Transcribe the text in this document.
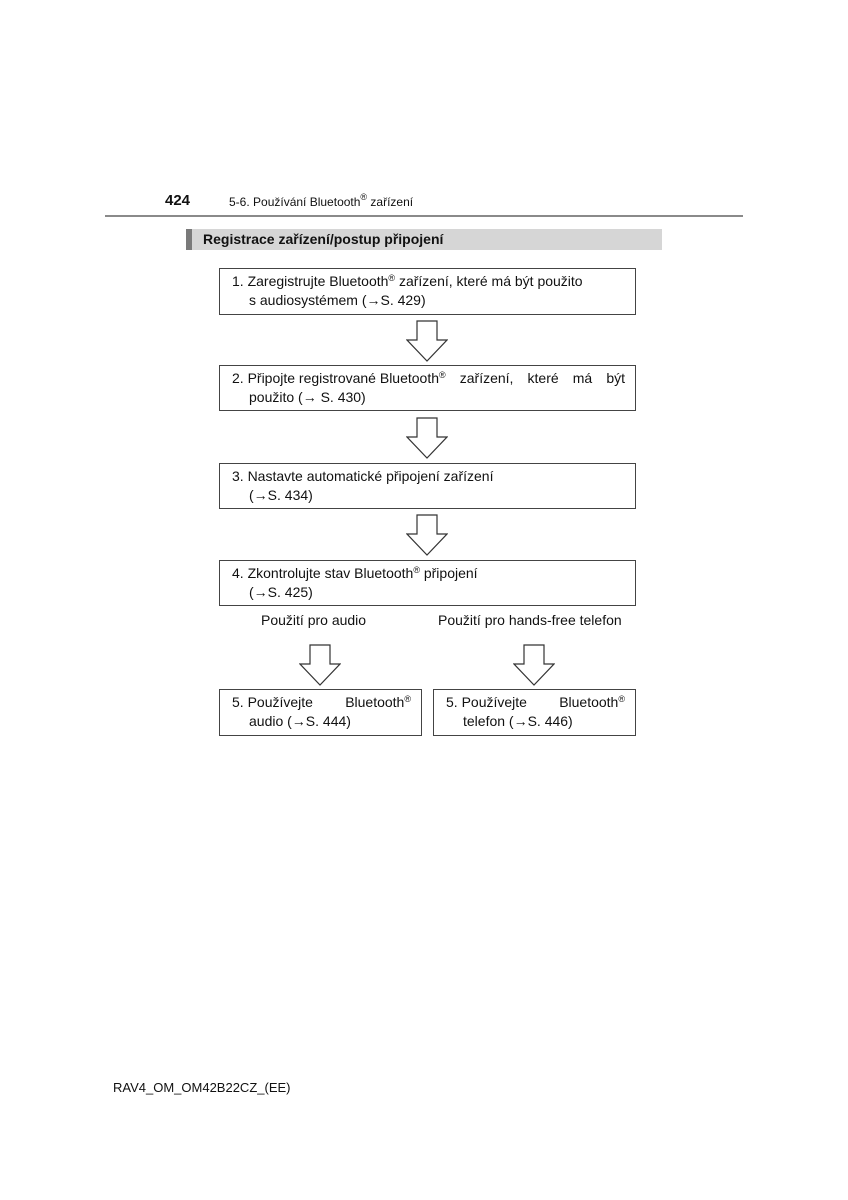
424	5-6. Používání Bluetooth® zařízení
Registrace zařízení/postup připojení
1. Zaregistrujte Bluetooth® zařízení, které má být použito
s audiosystémem (→S. 429)
2. Připojte registrované Bluetooth® zařízení, které má být
použito (→ S. 430)
3. Nastavte automatické připojení zařízení
(→S. 434)
4. Zkontrolujte stav Bluetooth® připojení
(→S. 425)
Použití pro audio	Použití pro hands-free telefon
5. Používejte Bluetooth®
audio (→S. 444)
5. Používejte Bluetooth®
telefon (→S. 446)
RAV4_OM_OM42B22CZ_(EE)
